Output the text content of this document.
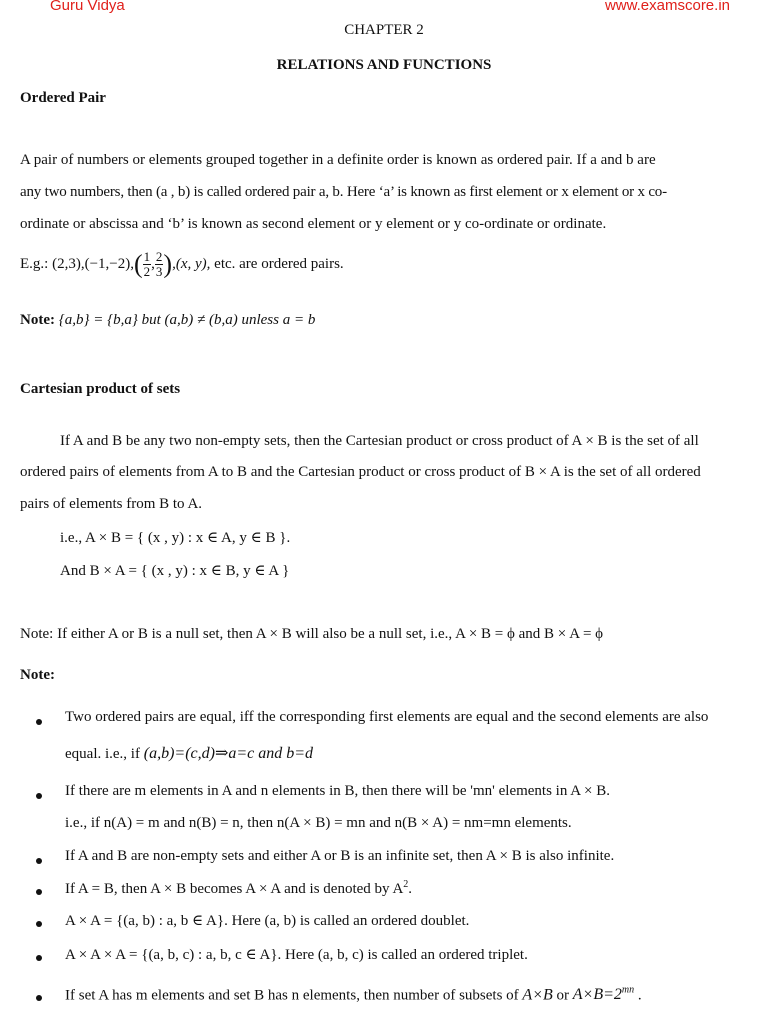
Guru Vidya	www.examscore.in
CHAPTER 2
RELATIONS AND FUNCTIONS
Ordered Pair
A pair of numbers or elements grouped together in a definite order is known as ordered pair. If a and b are
any two numbers, then (a , b) is called ordered pair a, b. Here ‘a’ is known as first element or x element or x co-
ordinate or abscissa and ‘b’ is known as second element or y element or y co-ordinate or ordinate.
E.g.: $(2,3),(-1,-2),( \frac{1}{2}$ , $\frac{2}{3} ),(x$, y), etc. are ordered pairs.
Note: {a,b} = {b,a} but (a,b) ≠ (b,a) unless a = b
Cartesian product of sets
If A and B be any two non-empty sets, then the Cartesian product or cross product of A × B is the set of all
ordered pairs of elements from A to B and the Cartesian product or cross product of B × A is the set of all ordered
pairs of elements from B to A.
i.e., A × B = { (x , y) : x ∈ A, y ∈ B }.
And B × A = { (x , y) : x ∈ B, y ∈ A }
Note: If either A or B is a null set, then A × B will also be a null set, i.e., A × B = ϕ and B × A = ϕ
Note:
Two ordered pairs are equal, iff the corresponding first elements are equal and the second elements are also
equal. i.e., if (a,b)=(c,d)⇒a=c and b=d
If there are m elements in A and n elements in B, then there will be 'mn' elements in A × B.
i.e., if n(A) = m and n(B) = n, then n(A × B) = mn and n(B × A) = nm=mn elements.
If A and B are non-empty sets and either A or B is an infinite set, then A × B is also infinite.
If A = B, then A × B becomes A × A and is denoted by $A^2$.
A × A = {(a, b) : a, b ∈ A}. Here (a, b) is called an ordered doublet.
A × A × A = {(a, b, c) : a, b, c ∈ A}. Here (a, b, c) is called an ordered triplet.
If set A has m elements and set B has n elements, then number of subsets of A×B or $A\times B=2^{mn}$ .
